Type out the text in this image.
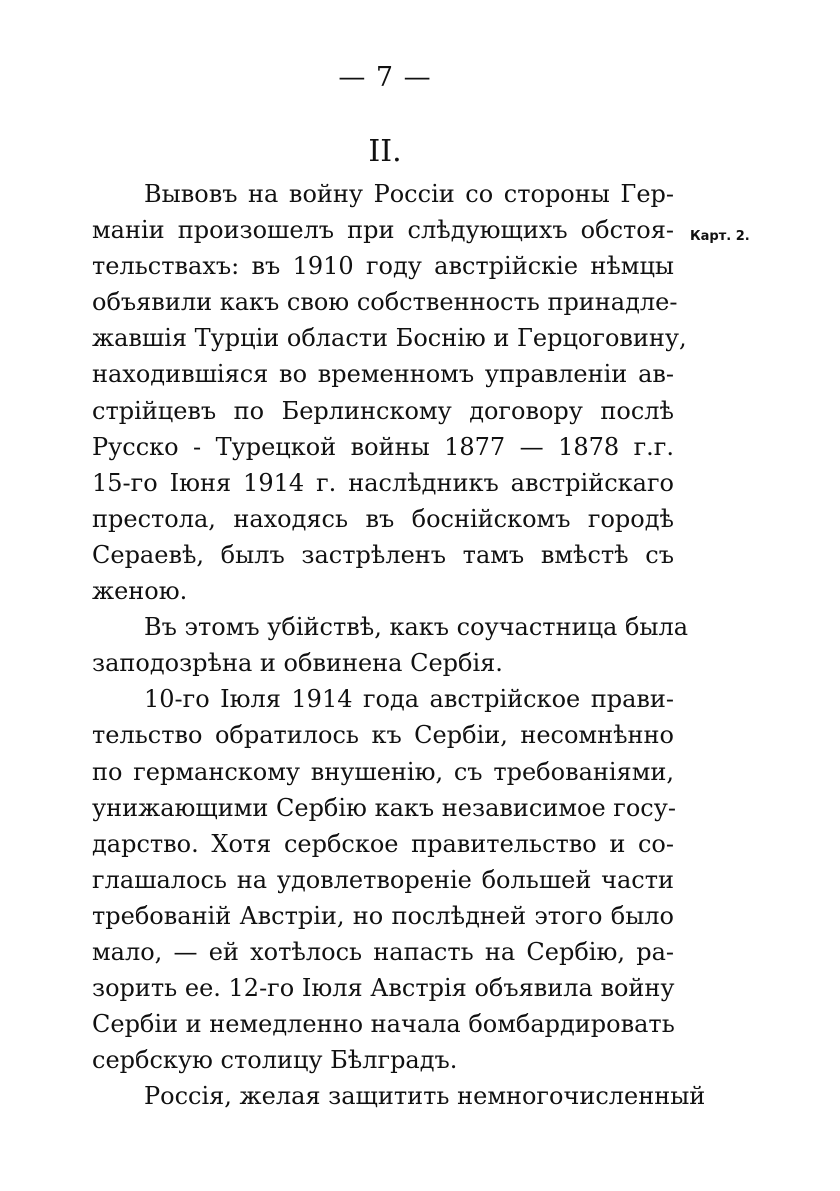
— 7 —
II.
Карт. 2.
Вывовъ на войну Россіи со стороны Гер-
маніи произошелъ при слѣдующихъ обстоя-
тельствахъ: въ 1910 году австрійскіе нѣмцы
объявили какъ свою собственность принадле-
жавшія Турціи области Боснію и Герцоговину,
находившіяся во временномъ управленіи ав-
стрійцевъ по Берлинскому договору послѣ
Русско - Турецкой войны 1877 — 1878 г.г.
15-го Іюня 1914 г. наслѣдникъ австрійскаго
престола, находясь въ боснійскомъ городѣ
Сераевѣ, былъ застрѣленъ тамъ вмѣстѣ съ
женою.
Въ этомъ убійствѣ, какъ соучастница была
заподозрѣна и обвинена Сербія.
10-го Іюля 1914 года австрійское прави-
тельство обратилось къ Сербіи, несомнѣнно
по германскому внушенію, съ требованіями,
унижающими Сербію какъ независимое госу-
дарство. Хотя сербское правительство и со-
глашалось на удовлетвореніе большей части
требованій Австріи, но послѣдней этого было
мало, — ей хотѣлось напасть на Сербію, ра-
зорить ее. 12-го Іюля Австрія объявила войну
Сербіи и немедленно начала бомбардировать
сербскую столицу Бѣлградъ.
Россія, желая защитить немногочисленный
